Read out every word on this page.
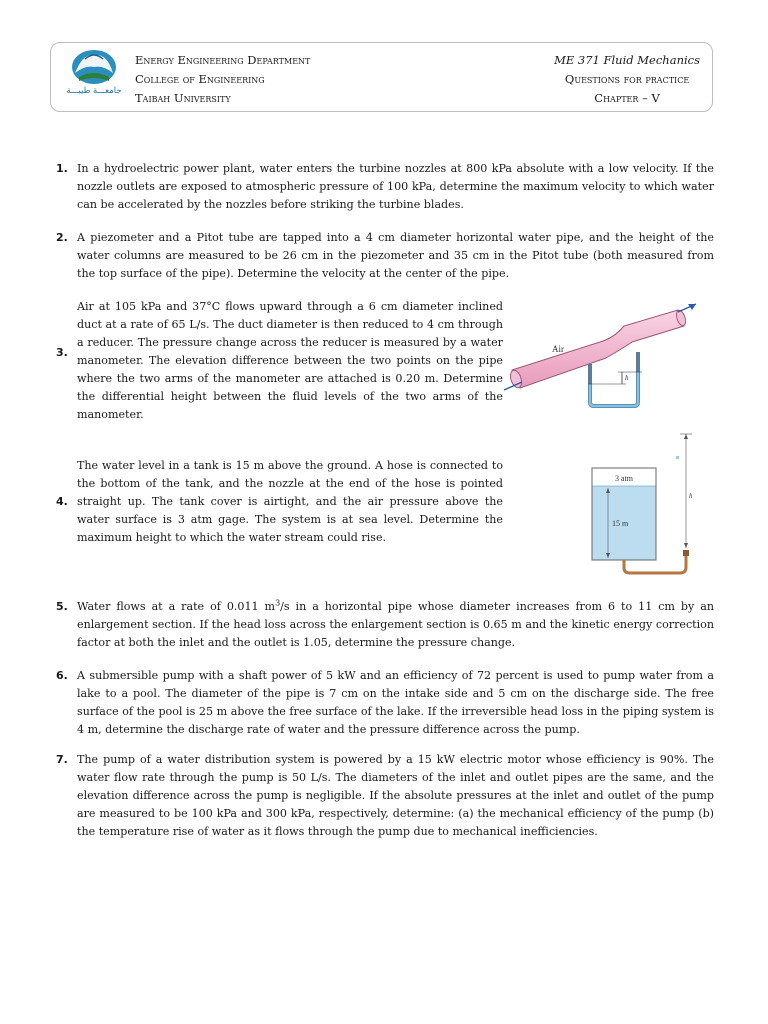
جامعـــة طيبـــة
Energy Engineering Department
College of Engineering
Taibah University
ME 371 Fluid Mechanics
Questions for practice
Chapter – V
1. In a hydroelectric power plant, water enters the turbine nozzles at 800 kPa absolute with a low velocity. If the nozzle outlets are exposed to atmospheric pressure of 100 kPa, determine the maximum velocity to which water can be accelerated by the nozzles before striking the turbine blades.
2. A piezometer and a Pitot tube are tapped into a 4 cm diameter horizontal water pipe, and the height of the water columns are measured to be 26 cm in the piezometer and 35 cm in the Pitot tube (both measured from the top surface of the pipe). Determine the velocity at the center of the pipe.
3.
Air at 105 kPa and 37°C flows upward through a 6 cm diameter inclined duct at a rate of 65 L/s. The duct diameter is then reduced to 4 cm through a reducer. The pressure change across the reducer is measured by a water manometer. The elevation difference between the two points on the pipe where the two arms of the manometer are attached is 0.20 m. Determine the differential height between the fluid levels of the two arms of the manometer.
Air
h
4.
The water level in a tank is 15 m above the ground. A hose is connected to the bottom of the tank, and the nozzle at the end of the hose is pointed straight up. The tank cover is airtight, and the air pressure above the water surface is 3 atm gage. The system is at sea level. Determine the maximum height to which the water stream could rise.
3 atm
15 m
h
5. Water flows at a rate of 0.011 $m^3/s$ in a horizontal pipe whose diameter increases from 6 to 11 cm by an enlargement section. If the head loss across the enlargement section is 0.65 m and the kinetic energy correction factor at both the inlet and the outlet is 1.05, determine the pressure change.
6. A submersible pump with a shaft power of 5 kW and an efficiency of 72 percent is used to pump water from a lake to a pool. The diameter of the pipe is 7 cm on the intake side and 5 cm on the discharge side. The free surface of the pool is 25 m above the free surface of the lake. If the irreversible head loss in the piping system is 4 m, determine the discharge rate of water and the pressure difference across the pump.
7. The pump of a water distribution system is powered by a 15 kW electric motor whose efficiency is 90%. The water flow rate through the pump is 50 L/s. The diameters of the inlet and outlet pipes are the same, and the elevation difference across the pump is negligible. If the absolute pressures at the inlet and outlet of the pump are measured to be 100 kPa and 300 kPa, respectively, determine: (a) the mechanical efficiency of the pump (b) the temperature rise of water as it flows through the pump due to mechanical inefficiencies.
